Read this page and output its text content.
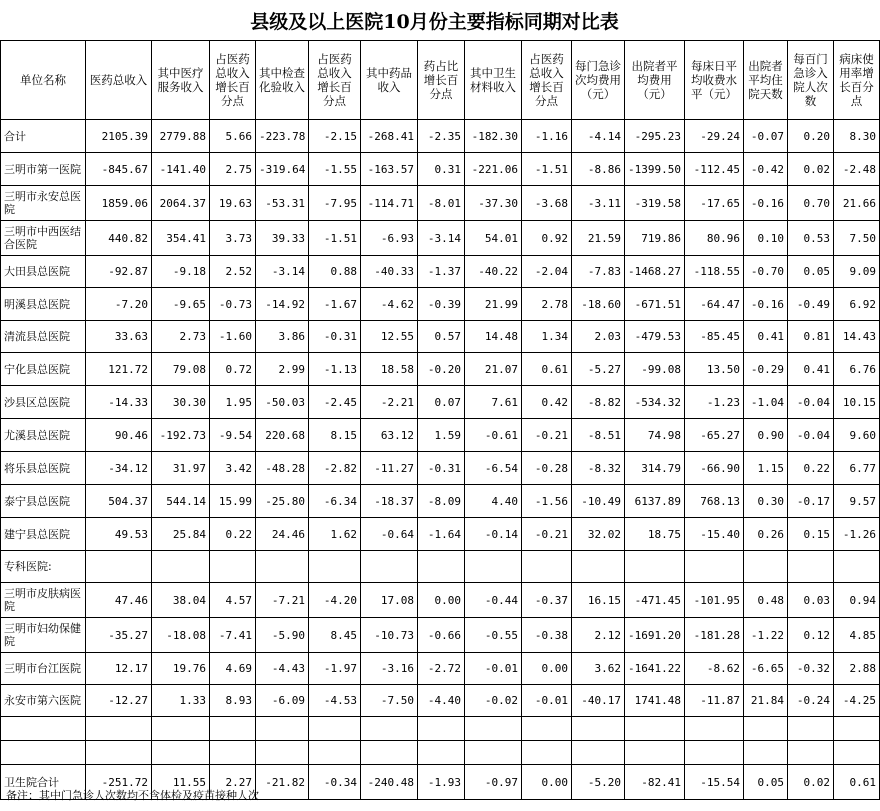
县级及以上医院10月份主要指标同期对比表
单位名称	医药总收入	其中医疗服务收入	占医药总收入增长百分点	其中检查化验收入	占医药总收入增长百分点	其中药品收入	药占比增长百分点	其中卫生材料收入	占医药总收入增长百分点	每门急诊次均费用（元）	出院者平均费用（元）	每床日平均收费水平（元）	出院者平均住院天数	每百门急诊入院人次数	病床使用率增长百分点
合计	2105.39	2779.88	5.66	-223.78	-2.15	-268.41	-2.35	-182.30	-1.16	-4.14	-295.23	-29.24	-0.07	0.20	8.30
三明市第一医院	-845.67	-141.40	2.75	-319.64	-1.55	-163.57	0.31	-221.06	-1.51	-8.86	-1399.50	-112.45	-0.42	0.02	-2.48
三明市永安总医院	1859.06	2064.37	19.63	-53.31	-7.95	-114.71	-8.01	-37.30	-3.68	-3.11	-319.58	-17.65	-0.16	0.70	21.66
三明市中西医结合医院	440.82	354.41	3.73	39.33	-1.51	-6.93	-3.14	54.01	0.92	21.59	719.86	80.96	0.10	0.53	7.50
大田县总医院	-92.87	-9.18	2.52	-3.14	0.88	-40.33	-1.37	-40.22	-2.04	-7.83	-1468.27	-118.55	-0.70	0.05	9.09
明溪县总医院	-7.20	-9.65	-0.73	-14.92	-1.67	-4.62	-0.39	21.99	2.78	-18.60	-671.51	-64.47	-0.16	-0.49	6.92
清流县总医院	33.63	2.73	-1.60	3.86	-0.31	12.55	0.57	14.48	1.34	2.03	-479.53	-85.45	0.41	0.81	14.43
宁化县总医院	121.72	79.08	0.72	2.99	-1.13	18.58	-0.20	21.07	0.61	-5.27	-99.08	13.50	-0.29	0.41	6.76
沙县区总医院	-14.33	30.30	1.95	-50.03	-2.45	-2.21	0.07	7.61	0.42	-8.82	-534.32	-1.23	-1.04	-0.04	10.15
尤溪县总医院	90.46	-192.73	-9.54	220.68	8.15	63.12	1.59	-0.61	-0.21	-8.51	74.98	-65.27	0.90	-0.04	9.60
将乐县总医院	-34.12	31.97	3.42	-48.28	-2.82	-11.27	-0.31	-6.54	-0.28	-8.32	314.79	-66.90	1.15	0.22	6.77
泰宁县总医院	504.37	544.14	15.99	-25.80	-6.34	-18.37	-8.09	4.40	-1.56	-10.49	6137.89	768.13	0.30	-0.17	9.57
建宁县总医院	49.53	25.84	0.22	24.46	1.62	-0.64	-1.64	-0.14	-0.21	32.02	18.75	-15.40	0.26	0.15	-1.26
专科医院:															
三明市皮肤病医院	47.46	38.04	4.57	-7.21	-4.20	17.08	0.00	-0.44	-0.37	16.15	-471.45	-101.95	0.48	0.03	0.94
三明市妇幼保健院	-35.27	-18.08	-7.41	-5.90	8.45	-10.73	-0.66	-0.55	-0.38	2.12	-1691.20	-181.28	-1.22	0.12	4.85
三明市台江医院	12.17	19.76	4.69	-4.43	-1.97	-3.16	-2.72	-0.01	0.00	3.62	-1641.22	-8.62	-6.65	-0.32	2.88
永安市第六医院	-12.27	1.33	8.93	-6.09	-4.53	-7.50	-4.40	-0.02	-0.01	-40.17	1741.48	-11.87	21.84	-0.24	-4.25

卫生院合计	-251.72	11.55	2.27	-21.82	-0.34	-240.48	-1.93	-0.97	0.00	-5.20	-82.41	-15.54	0.05	0.02	0.61
备注：其中门急诊人次数均不含体检及疫苗接种人次
